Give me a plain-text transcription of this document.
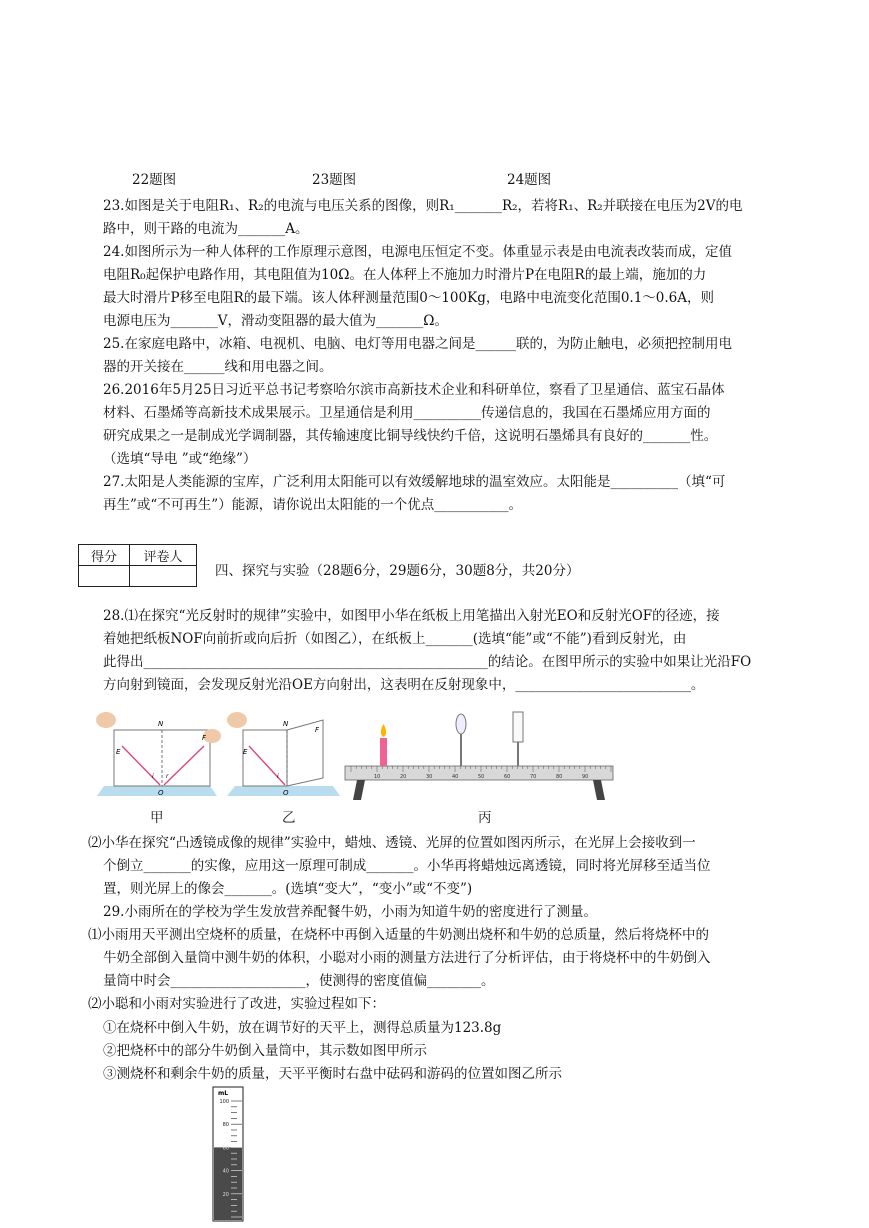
22题图	23题图	24题图
23.如图是关于电阻R₁、R₂的电流与电压关系的图像，则R₁_______R₂，若将R₁、R₂并联接在电压为2V的电
路中，则干路的电流为_______A。
24.如图所示为一种人体秤的工作原理示意图，电源电压恒定不变。体重显示表是由电流表改装而成，定值
电阻R₀起保护电路作用，其电阻值为10Ω。在人体秤上不施加力时滑片P在电阻R的最上端，施加的力
最大时滑片P移至电阻R的最下端。该人体秤测量范围0～100Kg，电路中电流变化范围0.1～0.6A，则
电源电压为_______V，滑动变阻器的最大值为_______Ω。
25.在家庭电路中，冰箱、电视机、电脑、电灯等用电器之间是______联的，为防止触电，必须把控制用电
器的开关接在______线和用电器之间。
26.2016年5月25日习近平总书记考察哈尔滨市高新技术企业和科研单位，察看了卫星通信、蓝宝石晶体
材料、石墨烯等高新技术成果展示。卫星通信是利用__________传递信息的，我国在石墨烯应用方面的
研究成果之一是制成光学调制器，其传输速度比铜导线快约千倍，这说明石墨烯具有良好的_______性。
（选填“导电 ”或“绝缘”）
27.太阳是人类能源的宝库，广泛利用太阳能可以有效缓解地球的温室效应。太阳能是__________（填“可
再生”或“不可再生”）能源，请你说出太阳能的一个优点___________。
得分	评卷人

四、探究与实验（28题6分，29题6分，30题8分，共20分）
28.⑴在探究“光反射时的规律”实验中，如图甲小华在纸板上用笔描出入射光EO和反射光OF的径迹，接
着她把纸板NOF向前折或向后折（如图乙），在纸板上_______(选填“能”或“不能”)看到反射光，由
此得出___________________________________________________的结论。在图甲所示的实验中如果让光沿FO
方向射到镜面，会发现反射光沿OE方向射出，这表明在反射现象中，__________________________。
E
N
F
O
i r
E
N
F
O
i	10	20	30	40	50	60	70	80	90
甲	乙	丙
⑵小华在探究“凸透镜成像的规律”实验中，蜡烛、透镜、光屏的位置如图丙所示，在光屏上会接收到一
个倒立_______的实像，应用这一原理可制成_______。小华再将蜡烛远离透镜，同时将光屏移至适当位
置，则光屏上的像会_______。(选填“变大”，“变小”或“不变”)
29.小雨所在的学校为学生发放营养配餐牛奶，小雨为知道牛奶的密度进行了测量。
⑴小雨用天平测出空烧杯的质量，在烧杯中再倒入适量的牛奶测出烧杯和牛奶的总质量，然后将烧杯中的
牛奶全部倒入量筒中测牛奶的体积，小聪对小雨的测量方法进行了分析评估，由于将烧杯中的牛奶倒入
量筒中时会____________________，使测得的密度值偏________。
⑵小聪和小雨对实验进行了改进，实验过程如下：
①在烧杯中倒入牛奶，放在调节好的天平上，测得总质量为123.8g
②把烧杯中的部分牛奶倒入量筒中，其示数如图甲所示
③测烧杯和剩余牛奶的质量，天平平衡时右盘中砝码和游码的位置如图乙所示
mL
100
80
60
40
20
